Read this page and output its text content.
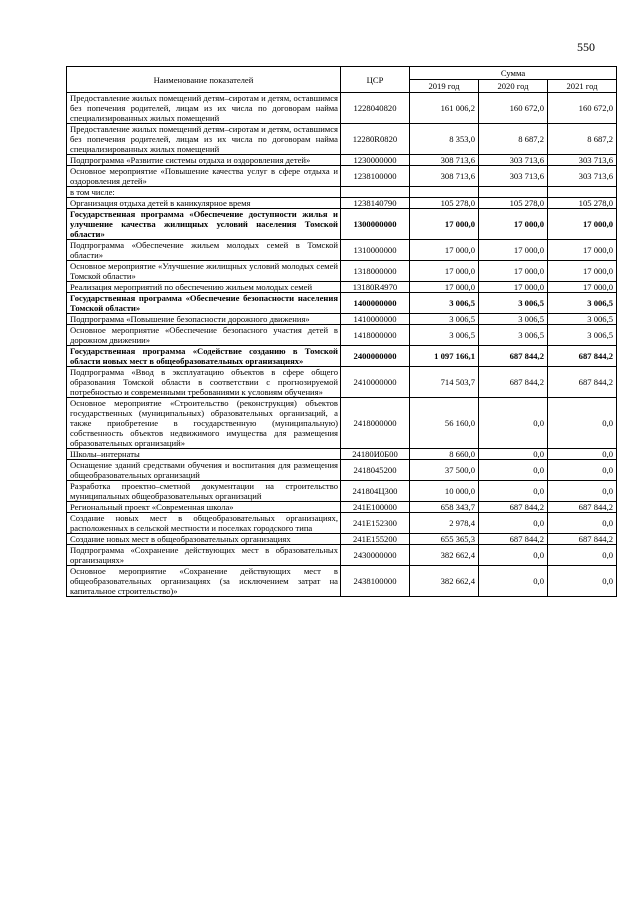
550
Наименование показателей	ЦСР	Сумма		
		2019 год	2020 год	2021 год
Предоставление жилых помещений детям–сиротам и детям, оставшимся без попечения родителей, лицам из их числа по договорам найма специализированных жилых помещений	1228040820	161 006,2	160 672,0	160 672,0
Предоставление жилых помещений детям–сиротам и детям, оставшимся без попечения родителей, лицам из их числа по договорам найма специализированных жилых помещений	12280R0820	8 353,0	8 687,2	8 687,2
Подпрограмма «Развитие системы отдыха и оздоровления детей»	1230000000	308 713,6	303 713,6	303 713,6
Основное мероприятие «Повышение качества услуг в сфере отдыха и оздоровления детей»	1238100000	308 713,6	303 713,6	303 713,6
в том числе:				
Организация отдыха детей в каникулярное время	1238140790	105 278,0	105 278,0	105 278,0
Государственная программа «Обеспечение доступности жилья и улучшение качества жилищных условий населения Томской области»	1300000000	17 000,0	17 000,0	17 000,0
Подпрограмма «Обеспечение жильем молодых семей в Томской области»	1310000000	17 000,0	17 000,0	17 000,0
Основное мероприятие «Улучшение жилищных условий молодых семей Томской области»	1318000000	17 000,0	17 000,0	17 000,0
Реализация мероприятий по обеспечению жильем молодых семей	13180R4970	17 000,0	17 000,0	17 000,0
Государственная программа «Обеспечение безопасности населения Томской области»	1400000000	3 006,5	3 006,5	3 006,5
Подпрограмма «Повышение безопасности дорожного движения»	1410000000	3 006,5	3 006,5	3 006,5
Основное мероприятие «Обеспечение безопасного участия детей в дорожном движении»	1418000000	3 006,5	3 006,5	3 006,5
Государственная программа «Содействие созданию в Томской области новых мест в общеобразовательных организациях»	2400000000	1 097 166,1	687 844,2	687 844,2
Подпрограмма «Ввод в эксплуатацию объектов в сфере общего образования Томской области в соответствии с прогнозируемой потребностью и современными требованиями к условиям обучения»	2410000000	714 503,7	687 844,2	687 844,2
Основное мероприятие «Строительство (реконструкция) объектов государственных (муниципальных) образовательных организаций, а также приобретение в государственную (муниципальную) собственность объектов недвижимого имущества для размещения образовательных организаций»	2418000000	56 160,0	0,0	0,0
Школы–интернаты	24180И0Б00	8 660,0	0,0	0,0
Оснащение зданий средствами обучения и воспитания для размещения общеобразовательных организаций	2418045200	37 500,0	0,0	0,0
Разработка проектно–сметной документации на строительство муниципальных общеобразовательных организаций	241804Ц300	10 000,0	0,0	0,0
Региональный проект «Современная школа»	241Е100000	658 343,7	687 844,2	687 844,2
Создание новых мест в общеобразовательных организациях, расположенных в сельской местности и поселках городского типа	241Е152300	2 978,4	0,0	0,0
Создание новых мест в общеобразовательных организациях	241Е155200	655 365,3	687 844,2	687 844,2
Подпрограмма «Сохранение действующих мест в образовательных организациях»	2430000000	382 662,4	0,0	0,0
Основное мероприятие «Сохранение действующих мест в общеобразовательных организациях (за исключением затрат на капитальное строительство)»	2438100000	382 662,4	0,0	0,0
